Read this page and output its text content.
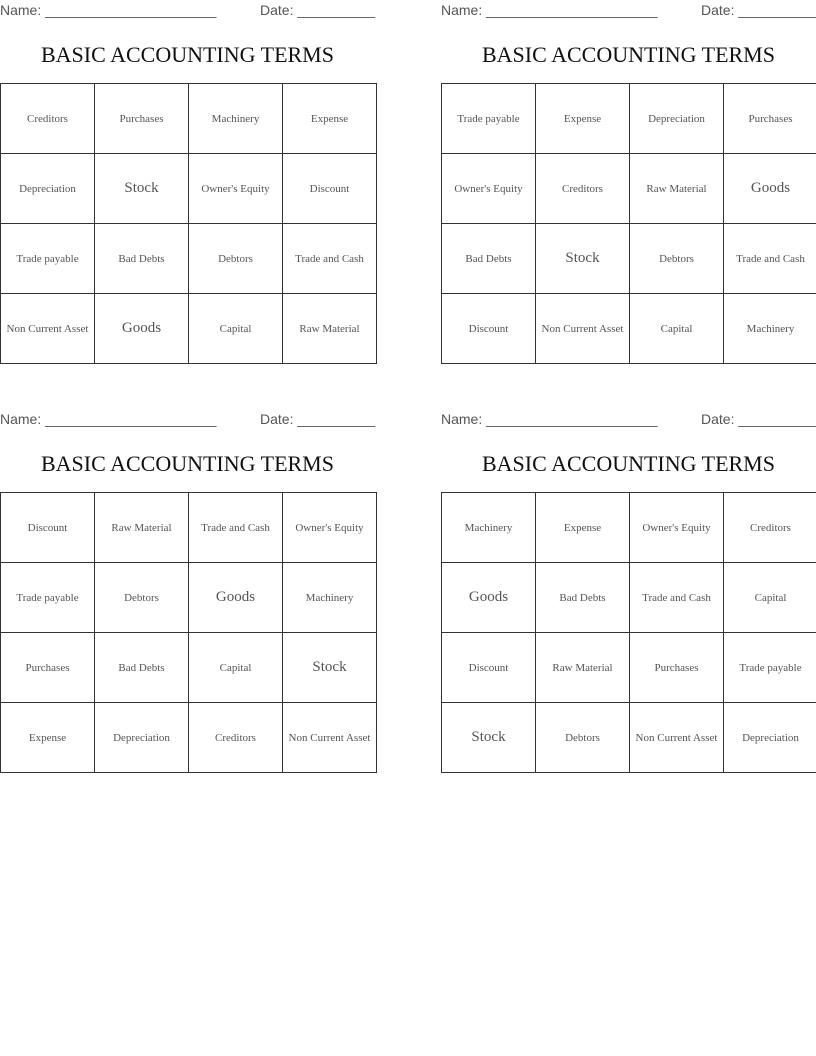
Name: ______________________	Date: __________
BASIC ACCOUNTING TERMS
Creditors	Purchases	Machinery	Expense
Depreciation	Stock	Owner's Equity	Discount
Trade payable	Bad Debts	Debtors	Trade and Cash
Non Current Asset	Goods	Capital	Raw Material
Name: ______________________	Date: __________
BASIC ACCOUNTING TERMS
Trade payable	Expense	Depreciation	Purchases
Owner's Equity	Creditors	Raw Material	Goods
Bad Debts	Stock	Debtors	Trade and Cash
Discount	Non Current Asset	Capital	Machinery
Name: ______________________	Date: __________
BASIC ACCOUNTING TERMS
Discount	Raw Material	Trade and Cash	Owner's Equity
Trade payable	Debtors	Goods	Machinery
Purchases	Bad Debts	Capital	Stock
Expense	Depreciation	Creditors	Non Current Asset
Name: ______________________	Date: __________
BASIC ACCOUNTING TERMS
Machinery	Expense	Owner's Equity	Creditors
Goods	Bad Debts	Trade and Cash	Capital
Discount	Raw Material	Purchases	Trade payable
Stock	Debtors	Non Current Asset	Depreciation
